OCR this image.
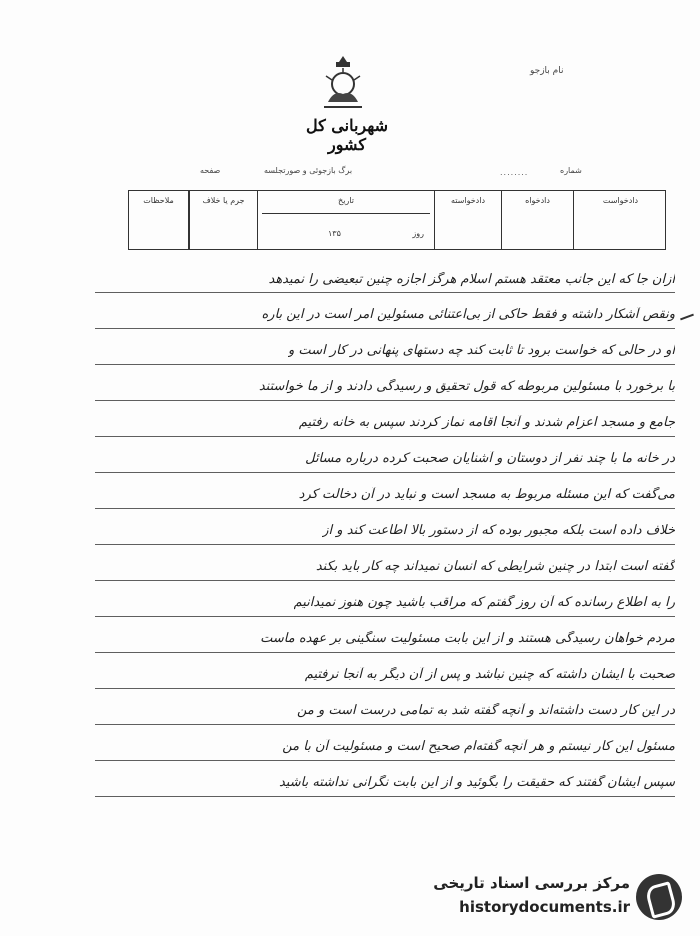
نام بازجو
شهربانی کل کشور
شماره
........
برگ بازجوئی و صورتجلسه
صفحه
ملاحظات	دادخواست
دادخواه
دادخواسته
تاریخ
روز
۱۳۵
جرم یا خلاف
ازان جا که این جانب معتقد هستم اسلام هرگز اجازه چنین تبعیضی را نمیدهد
ونقص آشکار داشته و فقط حاکی از بی‌اعتنائی مسئولین امر است در این باره
او در حالی که خواست برود تا ثابت کند چه دستهای پنهانی در کار است و
با برخورد با مسئولین مربوطه که قول تحقیق و رسیدگی دادند و از ما خواستند
جامع و مسجد اعزام شدند و آنجا اقامه نماز کردند سپس به خانه رفتیم
در خانه ما با چند نفر از دوستان و آشنایان صحبت کرده درباره مسائل
می‌گفت که این مسئله مربوط به مسجد است و نباید در آن دخالت کرد
خلاف داده است بلکه مجبور بوده که از دستور بالا اطاعت کند و از
گفته است ابتدا در چنین شرایطی که انسان نمیداند چه کار باید بکند
را به اطلاع رسانده که آن روز گفتم که مراقب باشید چون هنوز نمیدانیم
مردم خواهان رسیدگی هستند و از این بابت مسئولیت سنگینی بر عهده ماست
صحبت با ایشان داشته که چنین نباشد و پس از آن دیگر به آنجا نرفتیم
در این کار دست داشته‌اند و آنچه گفته شد به تمامی درست است و من
مسئول این کار نیستم و هر آنچه گفته‌ام صحیح است و مسئولیت آن با من
سپس ایشان گفتند که حقیقت را بگوئید و از این بابت نگرانی نداشته باشید
مرکز بررسی اسناد تاریخی
historydocuments.ir
